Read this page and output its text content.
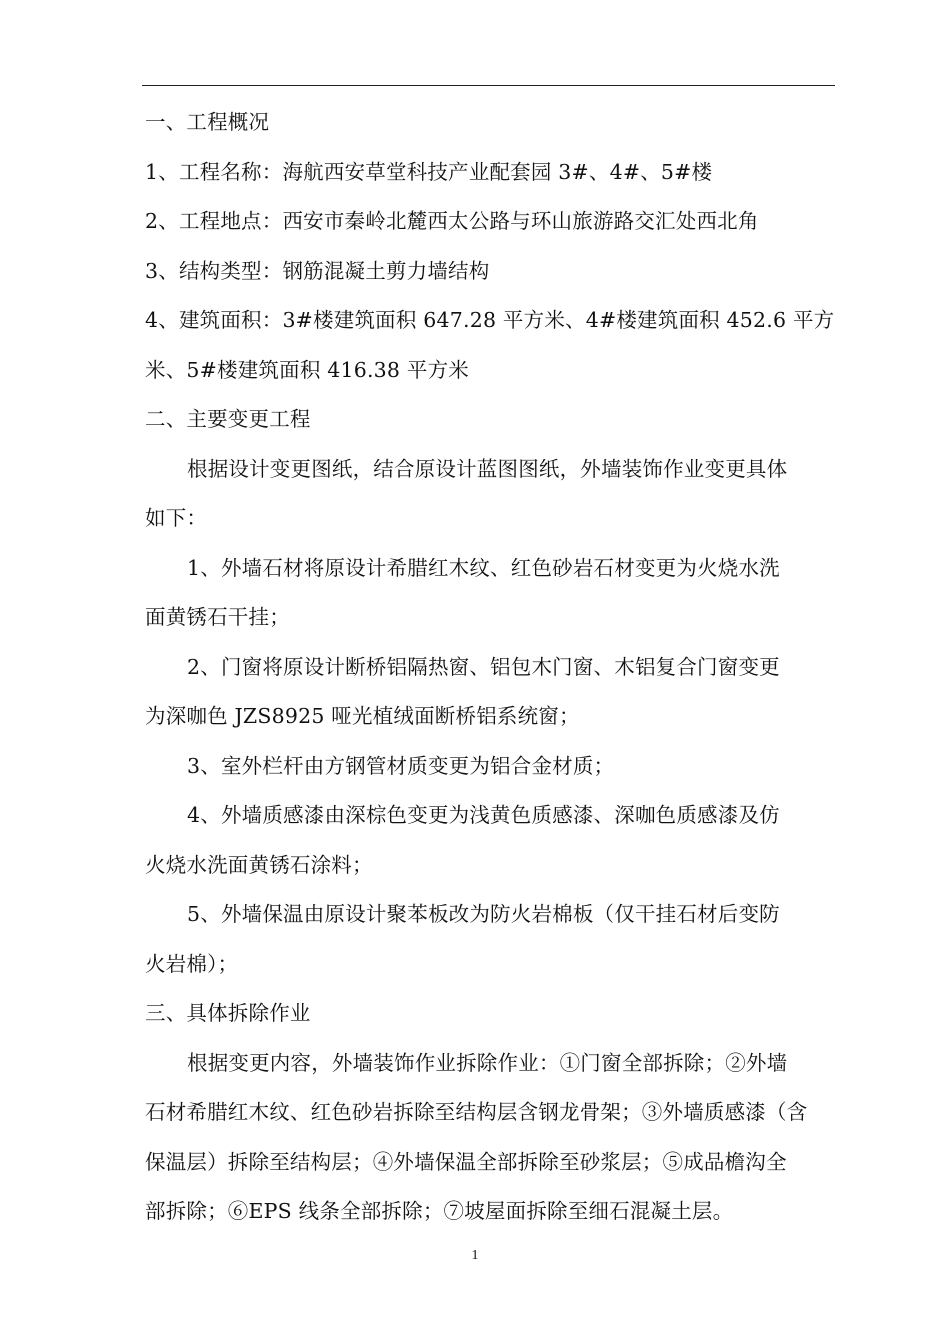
一、工程概况
1、工程名称：海航西安草堂科技产业配套园 3#、4#、5#楼
2、工程地点：西安市秦岭北麓西太公路与环山旅游路交汇处西北角
3、结构类型：钢筋混凝土剪力墙结构
4、建筑面积：3#楼建筑面积 647.28 平方米、4#楼建筑面积 452.6 平方
米、5#楼建筑面积 416.38 平方米
二、主要变更工程
根据设计变更图纸，结合原设计蓝图图纸，外墙装饰作业变更具体
如下：
1、外墙石材将原设计希腊红木纹、红色砂岩石材变更为火烧水洗
面黄锈石干挂；
2、门窗将原设计断桥铝隔热窗、铝包木门窗、木铝复合门窗变更
为深咖色 JZS8925 哑光植绒面断桥铝系统窗；
3、室外栏杆由方钢管材质变更为铝合金材质；
4、外墙质感漆由深棕色变更为浅黄色质感漆、深咖色质感漆及仿
火烧水洗面黄锈石涂料；
5、外墙保温由原设计聚苯板改为防火岩棉板（仅干挂石材后变防
火岩棉）；
三、具体拆除作业
根据变更内容，外墙装饰作业拆除作业：①门窗全部拆除；②外墙
石材希腊红木纹、红色砂岩拆除至结构层含钢龙骨架；③外墙质感漆（含
保温层）拆除至结构层；④外墙保温全部拆除至砂浆层；⑤成品檐沟全
部拆除；⑥EPS 线条全部拆除；⑦坡屋面拆除至细石混凝土层。
1
